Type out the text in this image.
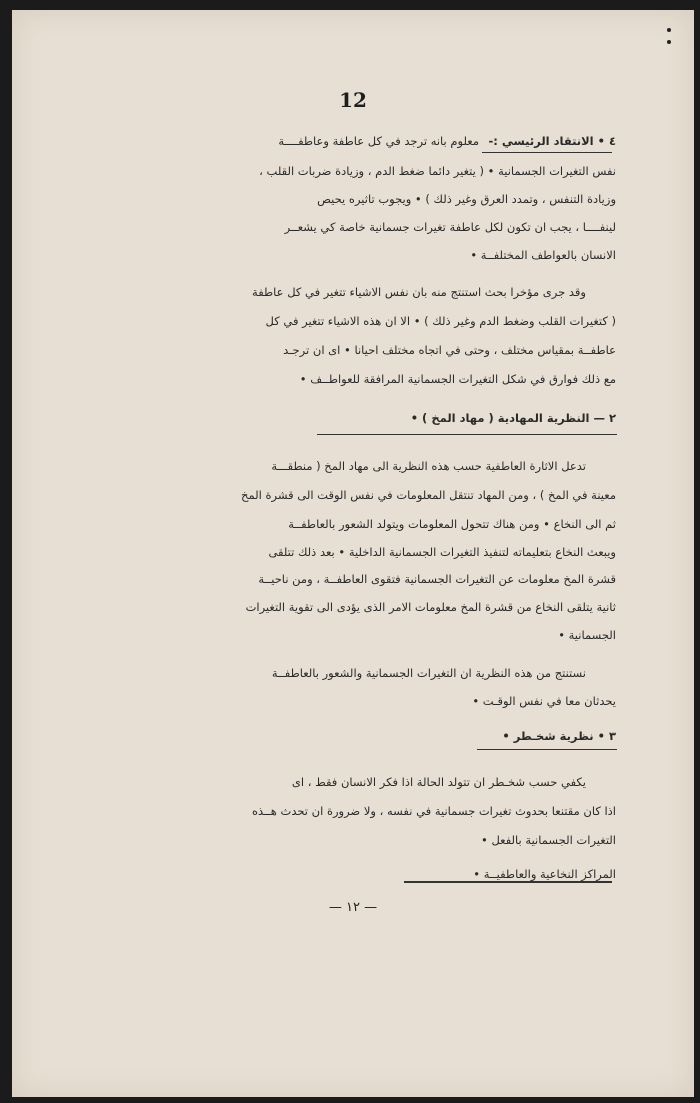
12
٤ • الانتقاد الرئيسي :-
معلوم بانه ترجد في كل عاطفة وعاطفــــة
نفس التغيرات الجسمانية • ( يتغير دائما ضغط الدم ، وزيادة ضربات القلب ،
وزيادة التنفس ، وتمدد العرق وغير ذلك ) • ويجوب تاثيره يحيص
لينفــــا ، يجب ان تكون لكل عاطفة تغيرات جسمانية خاصة كي يشعــر
الانسان بالعواطف المختلفــة •
وقد جرى مؤخرا بحث استنتج منه بان نفس الاشياء تتغير في كل عاطفة
( كتغيرات القلب وضغط الدم وغير ذلك ) • الا ان هذه الاشياء تتغير في كل
عاطفــة بمقياس مختلف ، وحتى في اتجاه مختلف احيانا • اى ان ترجـد
مع ذلك فوارق في شكل التغيرات الجسمانية المرافقة للعواطــف •
٢ — النظرية المهادية ( مهاد المخ ) •
تدعل الاثارة العاطفية حسب هذه النظرية الى مهاد المخ ( منطقـــة
معينة في المخ ) ، ومن المهاد تنتقل المعلومات في نفس الوقت الى قشرة المخ
ثم الى النخاع • ومن هناك تتحول المعلومات ويتولد الشعور بالعاطفــة
ويبعث النخاع بتعليماته لتنفيذ التغيرات الجسمانية الداخلية • بعد ذلك تتلقى
قشرة المخ معلومات عن التغيرات الجسمانية فتقوى العاطفــة ، ومن ناحيــة
ثانية يتلقى النخاع من قشرة المخ معلومات الامر الذى يؤدى الى تقوية التغيرات
الجسمانية •
نستنتج من هذه النظرية ان التغيرات الجسمانية والشعور بالعاطفــة
يحدثان معا في نفس الوقـت •
٣ • نظرية شخـطر •
يكفي حسب شخـطر ان تتولد الحالة اذا فكر الانسان فقط ، اى
اذا كان مقتنعا بحدوث تغيرات جسمانية في نفسه ، ولا ضرورة ان تحدث هــذه
التغيرات الجسمانية بالفعل •
المراكز النخاعية والعاطفيــة •
— ١٢ —
